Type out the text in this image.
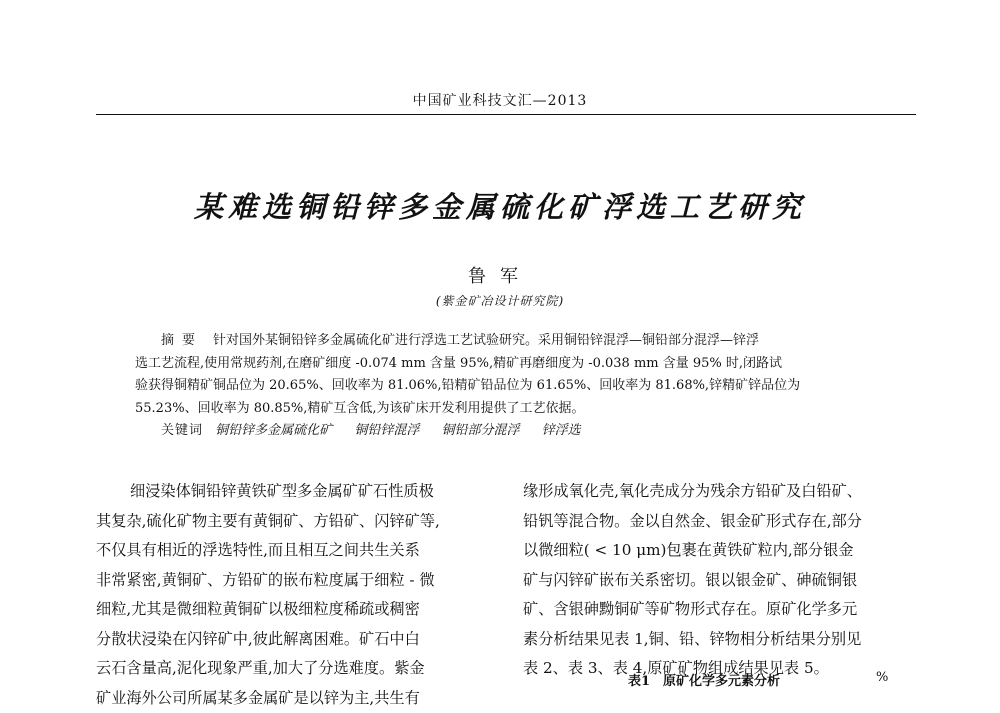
中国矿业科技文汇—2013
某难选铜铅锌多金属硫化矿浮选工艺研究
鲁军
(紫金矿冶设计研究院)
摘要 针对国外某铜铅锌多金属硫化矿进行浮选工艺试验研究。采用铜铅锌混浮—铜铅部分混浮—锌浮
选工艺流程,使用常规药剂,在磨矿细度 -0.074 mm 含量 95%,精矿再磨细度为 -0.038 mm 含量 95% 时,闭路试
验获得铜精矿铜品位为 20.65%、回收率为 81.06%,铅精矿铅品位为 61.65%、回收率为 81.68%,锌精矿锌品位为
55.23%、回收率为 80.85%,精矿互含低,为该矿床开发利用提供了工艺依据。
关键词 铜铅锌多金属硫化矿 铜铅锌混浮 铜铅部分混浮 锌浮选
细浸染体铜铅锌黄铁矿型多金属矿矿石性质极
其复杂,硫化矿物主要有黄铜矿、方铅矿、闪锌矿等,
不仅具有相近的浮选特性,而且相互之间共生关系
非常紧密,黄铜矿、方铅矿的嵌布粒度属于细粒 - 微
细粒,尤其是微细粒黄铜矿以极细粒度稀疏或稠密
分散状浸染在闪锌矿中,彼此解离困难。矿石中白
云石含量高,泥化现象严重,加大了分选难度。紫金
矿业海外公司所属某多金属矿是以锌为主,共生有
缘形成氧化壳,氧化壳成分为残余方铅矿及白铅矿、
铅钒等混合物。金以自然金、银金矿形式存在,部分
以微细粒( < 10 μm)包裹在黄铁矿粒内,部分银金
矿与闪锌矿嵌布关系密切。银以银金矿、砷硫铜银
矿、含银砷黝铜矿等矿物形式存在。原矿化学多元
素分析结果见表 1,铜、铅、锌物相分析结果分别见
表 2、表 3、表 4,原矿矿物组成结果见表 5。
表1　原矿化学多元素分析	%
